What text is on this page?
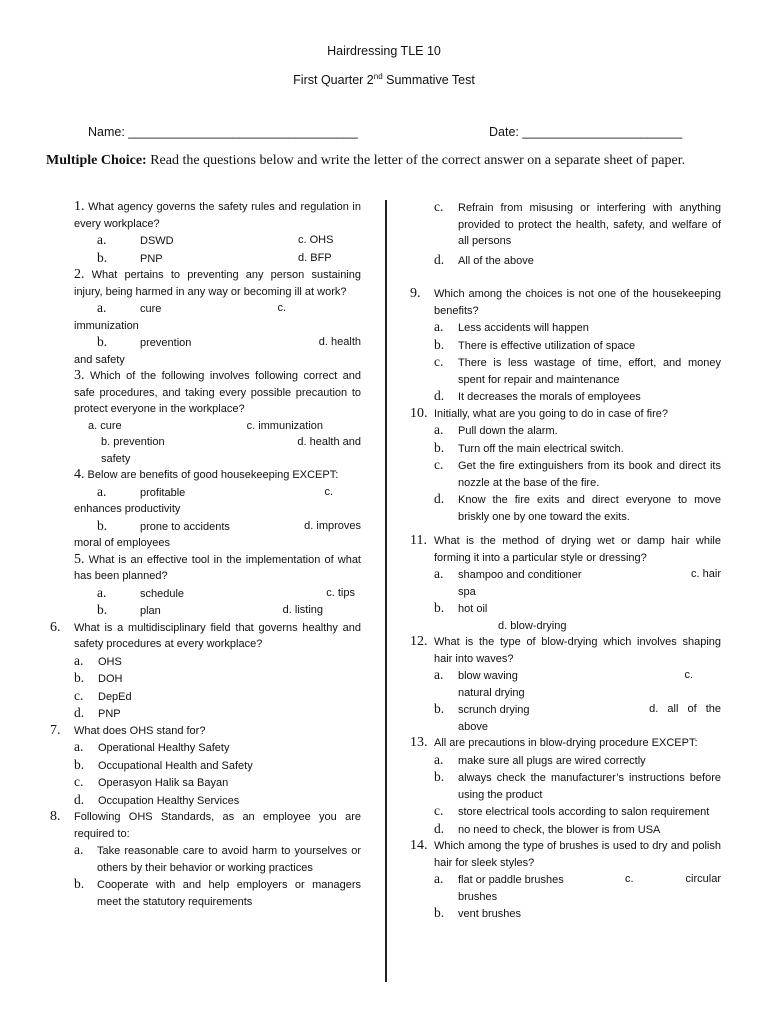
Hairdressing TLE 10
First Quarter 2nd Summative Test
Name: _________________________________	Date: _______________________
Multiple Choice: Read the questions below and write the letter of the correct answer on a separate sheet of paper.
1. What agency governs the safety rules and regulation in every workplace?
a.	DSWD	c. OHS
b.	PNP	d. BFP
2. What pertains to preventing any person sustaining injury, being harmed in any way or becoming ill at work?
a.	cure	c.
immunization
b.	prevention	d. health
and safety
3. Which of the following involves following correct and safe procedures, and taking every possible precaution to protect everyone in the workplace?
a. cure	c. immunization
b. prevention	d. health and
safety
4. Below are benefits of good housekeeping EXCEPT:
a.	profitable	c.
enhances productivity
b.	prone to accidents	d. improves
moral of employees
5. What is an effective tool in the implementation of what has been planned?
a.	schedule	c. tips
b.	plan	d. listing
6. What is a multidisciplinary field that governs healthy and safety procedures at every workplace?
a. OHS
b. DOH
c. DepEd
d. PNP
7. What does OHS stand for?
a. Operational Healthy Safety
b. Occupational Health and Safety
c. Operasyon Halik sa Bayan
d. Occupation Healthy Services
8. Following OHS Standards, as an employee you are required to:
a. Take reasonable care to avoid harm to yourselves or others by their behavior or working practices
b. Cooperate with and help employers or managers meet the statutory requirements
c. Refrain from misusing or interfering with anything provided to protect the health, safety, and welfare of all persons
d. All of the above
9. Which among the choices is not one of the housekeeping benefits?
a. Less accidents will happen
b. There is effective utilization of space
c. There is less wastage of time, effort, and money spent for repair and maintenance
d. It decreases the morals of employees
10. Initially, what are you going to do in case of fire?
a. Pull down the alarm.
b. Turn off the main electrical switch.
c. Get the fire extinguishers from its book and direct its nozzle at the base of the fire.
d. Know the fire exits and direct everyone to move briskly one by one toward the exits.
11. What is the method of drying wet or damp hair while forming it into a particular style or dressing?
a. shampoo and conditioner	c. hair
spa
b. hot oil
d. blow-drying
12. What is the type of blow-drying which involves shaping hair into waves?
a. blow waving	c.
natural drying
b. scrunch drying	d. all of the
above
13. All are precautions in blow-drying procedure EXCEPT:
a. make sure all plugs are wired correctly
b. always check the manufacturer’s instructions before using the product
c. store electrical tools according to salon requirement
d. no need to check, the blower is from USA
14. Which among the type of brushes is used to dry and polish hair for sleek styles?
a. flat or paddle brushes	c.	circular
brushes
b. vent brushes
